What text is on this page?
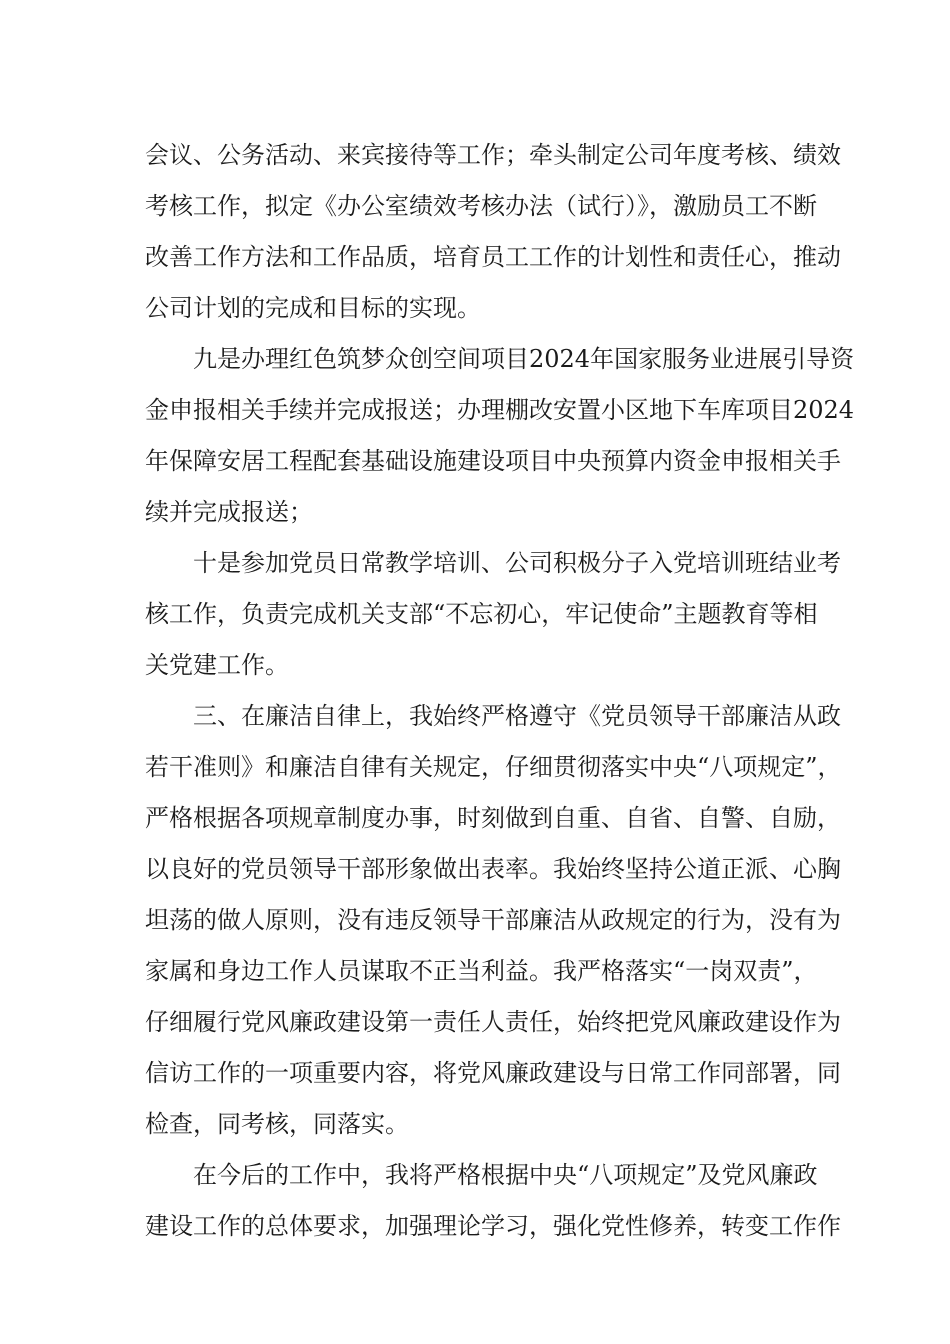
会议、公务活动、来宾接待等工作；牵头制定公司年度考核、绩效
考核工作，拟定《办公室绩效考核办法（试行）》，激励员工不断
改善工作方法和工作品质，培育员工工作的计划性和责任心，推动
公司计划的完成和目标的实现。
九是办理红色筑梦众创空间项目2024年国家服务业进展引导资
金申报相关手续并完成报送；办理棚改安置小区地下车库项目2024
年保障安居工程配套基础设施建设项目中央预算内资金申报相关手
续并完成报送；
十是参加党员日常教学培训、公司积极分子入党培训班结业考
核工作，负责完成机关支部“不忘初心，牢记使命”主题教育等相
关党建工作。
三、在廉洁自律上，我始终严格遵守《党员领导干部廉洁从政
若干准则》和廉洁自律有关规定，仔细贯彻落实中央“八项规定”，
严格根据各项规章制度办事，时刻做到自重、自省、自警、自励，
以良好的党员领导干部形象做出表率。我始终坚持公道正派、心胸
坦荡的做人原则，没有违反领导干部廉洁从政规定的行为，没有为
家属和身边工作人员谋取不正当利益。我严格落实“一岗双责”，
仔细履行党风廉政建设第一责任人责任，始终把党风廉政建设作为
信访工作的一项重要内容，将党风廉政建设与日常工作同部署，同
检查，同考核，同落实。
在今后的工作中，我将严格根据中央“八项规定”及党风廉政
建设工作的总体要求，加强理论学习，强化党性修养，转变工作作
